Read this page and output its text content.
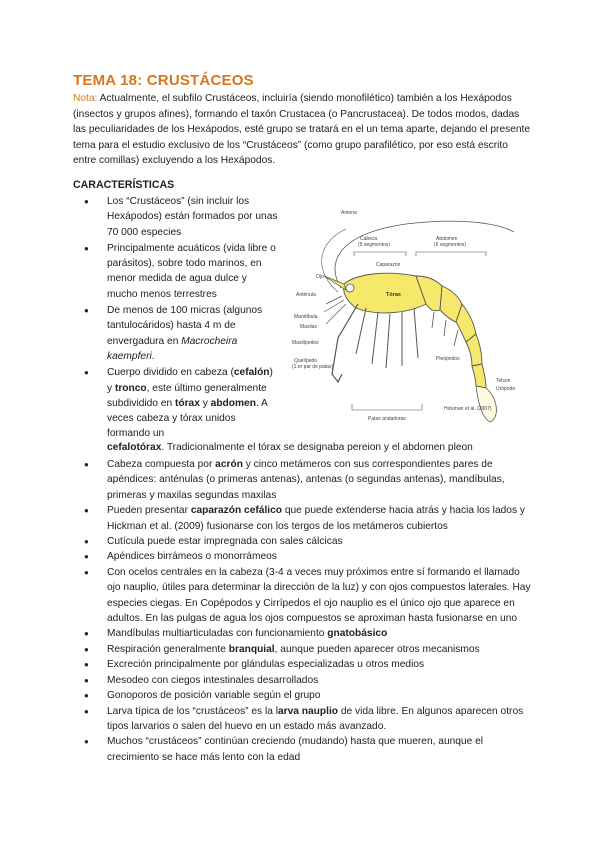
TEMA 18: CRUSTÁCEOS

Nota: Actualmente, el subfilo Crustáceos, incluiría (siendo monofilético) también a los Hexápodos (insectos y grupos afines), formando el taxón Crustacea (o Pancrustacea). De todos modos, dadas las peculiaridades de los Hexápodos, esté grupo se tratará en el un tema aparte, dejando el presente tema para el estudio exclusivo de los “Crustáceos” (como grupo parafilético, por eso está escrito entre comillas) excluyendo a los Hexápodos.

CARACTERÍSTICAS
● Los “Crustáceos” (sin incluir los Hexápodos) están formados por unas 70 000 especies
● Principalmente acuáticos (vida libre o parásitos), sobre todo marinos, en menor medida de agua dulce y mucho menos terrestres
● De menos de 100 micras (algunos tantulocáridos) hasta 4 m de envergadura en Macrocheira kaempferi.
● Cuerpo dividido en cabeza (cefalón) y tronco, este último generalmente subdividido en tórax y abdomen. A veces cabeza y tórax unidos formando un

cefalotórax. Tradicionalmente el tórax se designaba pereion y el abdomen pleon

● Cabeza compuesta por acrón y cinco metámeros con sus correspondientes pares de apéndices: anténulas (o primeras antenas), antenas (o segundas antenas), mandíbulas, primeras y maxilas segundas maxilas
● Pueden presentar caparazón cefálico que puede extenderse hacia atrás y hacia los lados y Hickman et al. (2009) fusionarse con los tergos de los metámeros cubiertos
● Cutícula puede estar impregnada con sales cálcicas
● Apéndices birrámeos o monorrámeos
● Con ocelos centrales en la cabeza (3-4 a veces muy próximos entre sí formando el llamado ojo nauplio, útiles para determinar la dirección de la luz) y con ojos compuestos laterales. Hay especies ciegas. En Copépodos y Cirrípedos el ojo nauplio es el único ojo que aparece en adultos. En las pulgas de agua los ojos compuestos se aproximan hasta fusionarse en uno
● Mandíbulas multiarticuladas con funcionamiento gnatobásico
● Respiración generalmente branquial, aunque pueden aparecer otros mecanismos
● Excreción principalmente por glándulas especializadas u otros medios
● Mesodeo con ciegos intestinales desarrollados
● Gonoporos de posición variable según el grupo
● Larva típica de los “crustáceos” es la larva nauplio de vida libre. En algunos aparecen otros tipos larvarios o salen del huevo en un estado más avanzado.
● Muchos “crustáceos” continúan creciendo (mudando) hasta que mueren, aunque el crecimiento se hace más lento con la edad
Antena
Cabeza
(5 segmentos)
Abdomen
(6 segmentos)
Caparazón
Tórax
Ojo
Anténula
Mandíbula
Maxilas
Maxilípedos
Quelípedo
(1.er par de patas)
Pleópodos
Telson
Urópodo
Patas andadoras
Hickman et al. (2007)
